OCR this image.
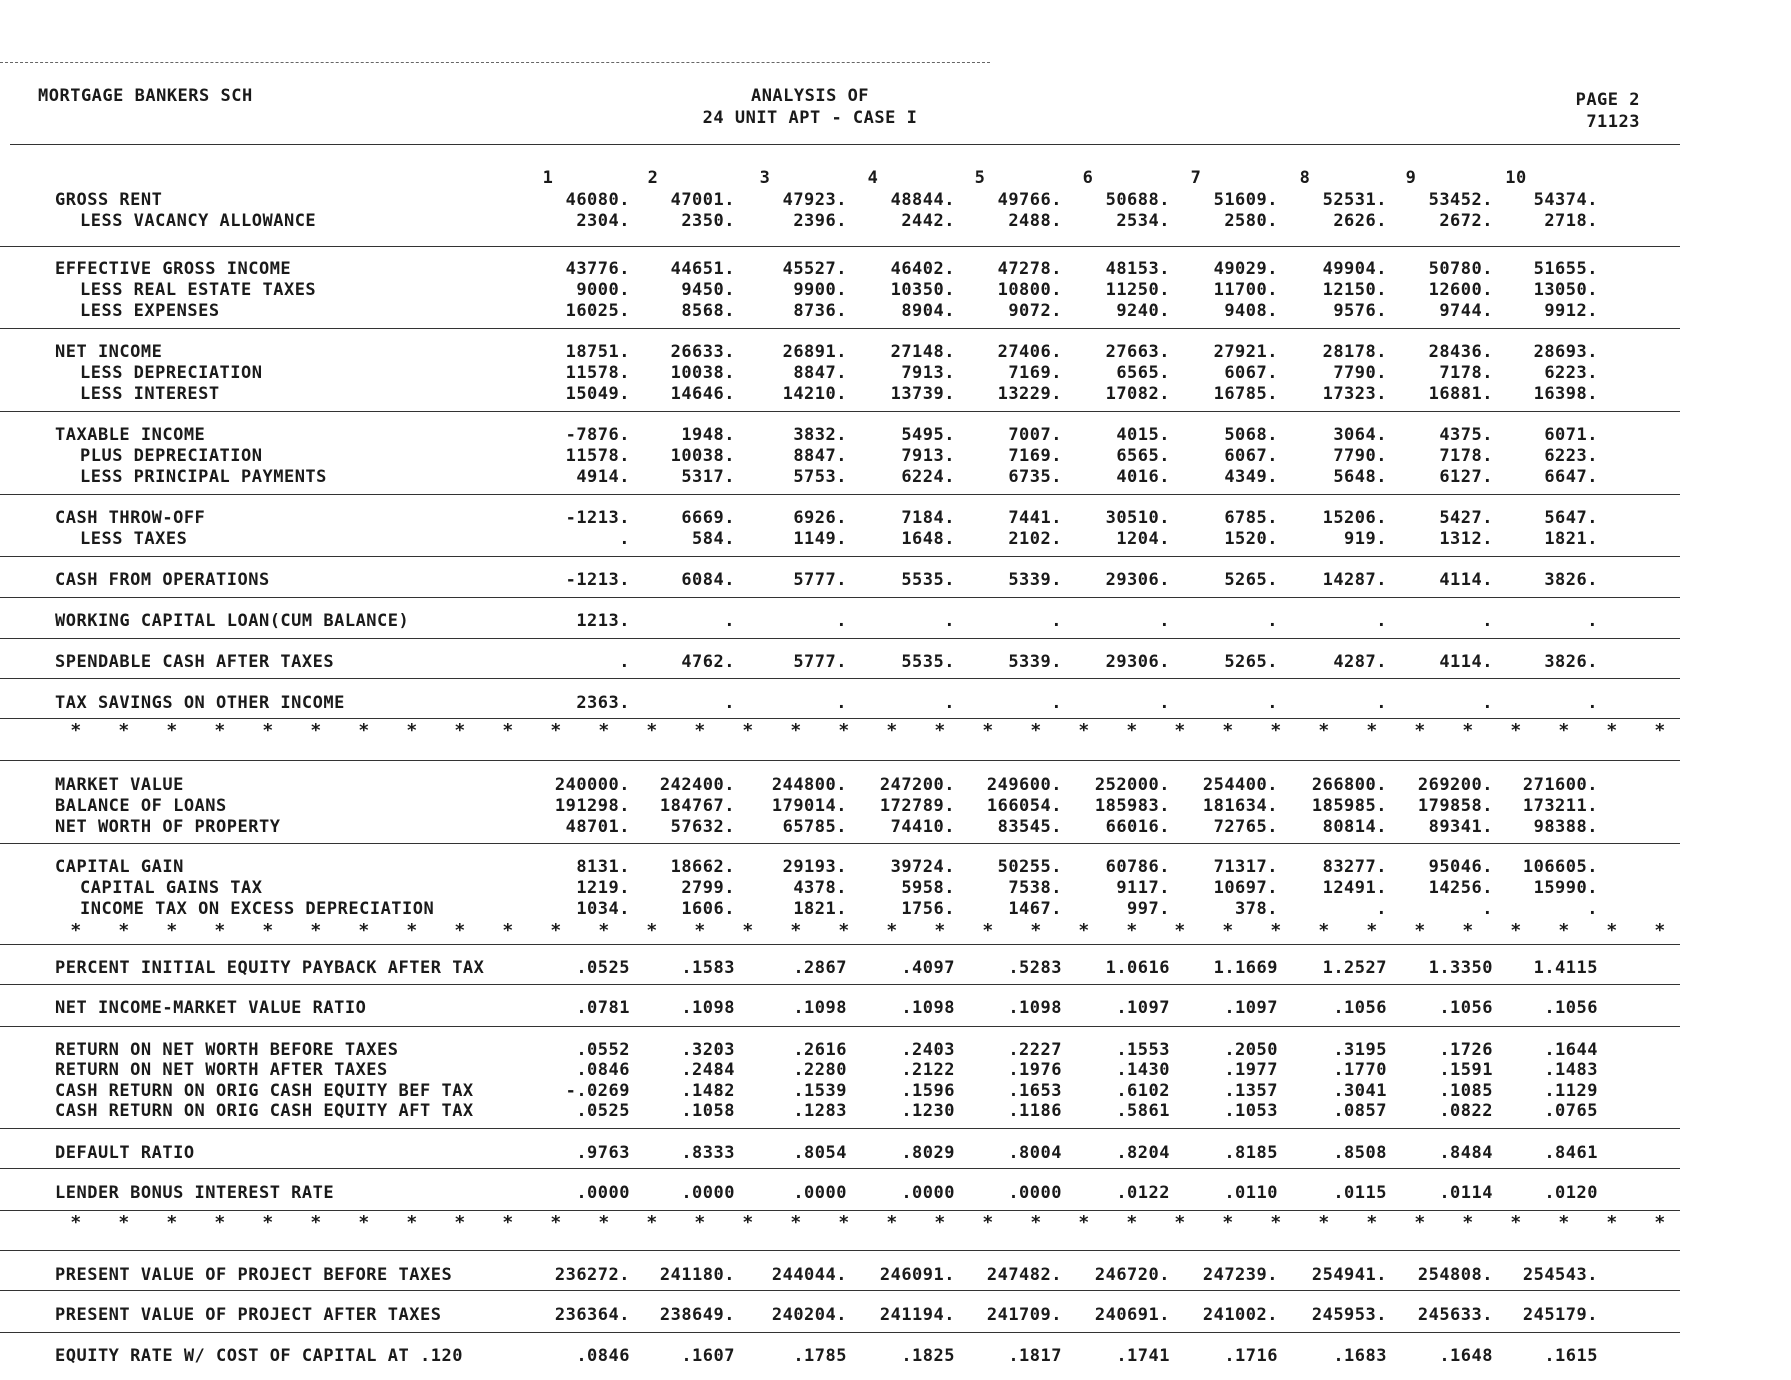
MORTGAGE BANKERS SCH	ANALYSIS OF
24 UNIT APT - CASE I
PAGE 2
71123
1	2	3	4	5	6	7	8	9	10
GROSS RENT	46080.	47001.	47923.	48844.	49766.	50688.	51609.	52531.	53452.	54374.
LESS VACANCY ALLOWANCE	2304.	2350.	2396.	2442.	2488.	2534.	2580.	2626.	2672.	2718.
EFFECTIVE GROSS INCOME	43776.	44651.	45527.	46402.	47278.	48153.	49029.	49904.	50780.	51655.
LESS REAL ESTATE TAXES	9000.	9450.	9900.	10350.	10800.	11250.	11700.	12150.	12600.	13050.
LESS EXPENSES	16025.	8568.	8736.	8904.	9072.	9240.	9408.	9576.	9744.	9912.
NET INCOME	18751.	26633.	26891.	27148.	27406.	27663.	27921.	28178.	28436.	28693.
LESS DEPRECIATION	11578.	10038.	8847.	7913.	7169.	6565.	6067.	7790.	7178.	6223.
LESS INTEREST	15049.	14646.	14210.	13739.	13229.	17082.	16785.	17323.	16881.	16398.
TAXABLE INCOME	-7876.	1948.	3832.	5495.	7007.	4015.	5068.	3064.	4375.	6071.
PLUS DEPRECIATION	11578.	10038.	8847.	7913.	7169.	6565.	6067.	7790.	7178.	6223.
LESS PRINCIPAL PAYMENTS	4914.	5317.	5753.	6224.	6735.	4016.	4349.	5648.	6127.	6647.
CASH THROW-OFF	-1213.	6669.	6926.	7184.	7441.	30510.	6785.	15206.	5427.	5647.
LESS TAXES	.	584.	1149.	1648.	2102.	1204.	1520.	919.	1312.	1821.
CASH FROM OPERATIONS	-1213.	6084.	5777.	5535.	5339.	29306.	5265.	14287.	4114.	3826.
WORKING CAPITAL LOAN(CUM BALANCE)	1213.	.	.	.	.	.	.	.	.	.
SPENDABLE CASH AFTER TAXES	.	4762.	5777.	5535.	5339.	29306.	5265.	4287.	4114.	3826.
TAX SAVINGS ON OTHER INCOME	2363.	.	.	.	.	.	.	.	.	.
MARKET VALUE	240000.	242400.	244800.	247200.	249600.	252000.	254400.	266800.	269200.	271600.
BALANCE OF LOANS	191298.	184767.	179014.	172789.	166054.	185983.	181634.	185985.	179858.	173211.
NET WORTH OF PROPERTY	48701.	57632.	65785.	74410.	83545.	66016.	72765.	80814.	89341.	98388.
CAPITAL GAIN	8131.	18662.	29193.	39724.	50255.	60786.	71317.	83277.	95046.	106605.
CAPITAL GAINS TAX	1219.	2799.	4378.	5958.	7538.	9117.	10697.	12491.	14256.	15990.
INCOME TAX ON EXCESS DEPRECIATION	1034.	1606.	1821.	1756.	1467.	997.	378.	.	.	.
PERCENT INITIAL EQUITY PAYBACK AFTER TAX	.0525	.1583	.2867	.4097	.5283	1.0616	1.1669	1.2527	1.3350	1.4115
NET INCOME-MARKET VALUE RATIO	.0781	.1098	.1098	.1098	.1098	.1097	.1097	.1056	.1056	.1056
RETURN ON NET WORTH BEFORE TAXES	.0552	.3203	.2616	.2403	.2227	.1553	.2050	.3195	.1726	.1644
RETURN ON NET WORTH AFTER TAXES	.0846	.2484	.2280	.2122	.1976	.1430	.1977	.1770	.1591	.1483
CASH RETURN ON ORIG CASH EQUITY BEF TAX	-.0269	.1482	.1539	.1596	.1653	.6102	.1357	.3041	.1085	.1129
CASH RETURN ON ORIG CASH EQUITY AFT TAX	.0525	.1058	.1283	.1230	.1186	.5861	.1053	.0857	.0822	.0765
DEFAULT RATIO	.9763	.8333	.8054	.8029	.8004	.8204	.8185	.8508	.8484	.8461
LENDER BONUS INTEREST RATE	.0000	.0000	.0000	.0000	.0000	.0122	.0110	.0115	.0114	.0120
PRESENT VALUE OF PROJECT BEFORE TAXES	236272.	241180.	244044.	246091.	247482.	246720.	247239.	254941.	254808.	254543.
PRESENT VALUE OF PROJECT AFTER TAXES	236364.	238649.	240204.	241194.	241709.	240691.	241002.	245953.	245633.	245179.
EQUITY RATE W/ COST OF CAPITAL AT .120	.0846	.1607	.1785	.1825	.1817	.1741	.1716	.1683	.1648	.1615
* * * * * * * * * * * * * * * * * * * * * * * * * * * * * * * * * *
* * * * * * * * * * * * * * * * * * * * * * * * * * * * * * * * * *
* * * * * * * * * * * * * * * * * * * * * * * * * * * * * * * * * *
